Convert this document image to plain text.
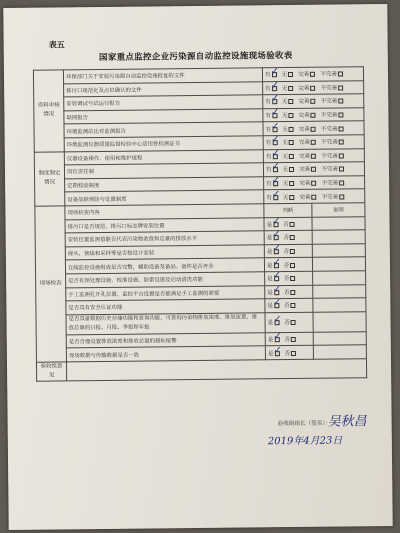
表五
国家重点监控企业污染源自动监控设施现场验收表
资料审核情况	环保部门关于安装污染源自动监控设施批复的文件	有 ✓ 无 完善 不完善	
	排污口规范化及点位确认的文件	有 ✓ 无 完善 不完善	
	安装调试与试运行报告	有 ✓ 无 完善 不完善	
	联网报告	有 ✓ 无 完善 不完善	
	环境监测站比对监测报告	有 ✓ 无 完善 不完善	
	环境监测仪器质量监督检验中心适用性检测证书	有 ✓ 无 完善 不完善	
制度制定情况	仪器设备操作、使用和维护规程	有 ✓ 无 完善 不完善	
	岗位责任制	有 ✓ 无 完善 不完善	
	定期校验制度	有 ✓ 无 完善 不完善	
	设备故障预防与处置制度	有 ✓ 无 完善 不完善	
现场检查	现场检查内容	判断	说明
	排污口是否规范，排污口标志牌安装位置	是 ✓ 否	
	安装位置监测值能否代表污染物浓度和总量的排放水平	是 ✓ 否	
	探头、管线和采样等是否按设计安装	是 ✓ 否	
	在线监控设施组成是否完整，辅助设备及备品、备件是否齐全	是 ✓ 否	
	是否有预处理设施、校准设施、防雷设施及启动清洗功能	是 ✓ 否	
	手工监测孔开孔位置，监控平台设置是否能满足手工监测的需要	是 ✓ 否	
	是否具有安全认证功能	是 ✓ 否	
	是否具备数据历史存储功能和查询功能，可查询污染物排放浓度、排放流量、排放总量的日报、月报、季报和年报	是 ✓ 否	
	是否合理设置排放浓度和排放总量的超标报警	是 ✓ 否	
	现场数据与传输数据是否一致	是 ✓ 否	
验收组意见	验收组组长（签名）：
吴秋昌
2019年4月23日		
